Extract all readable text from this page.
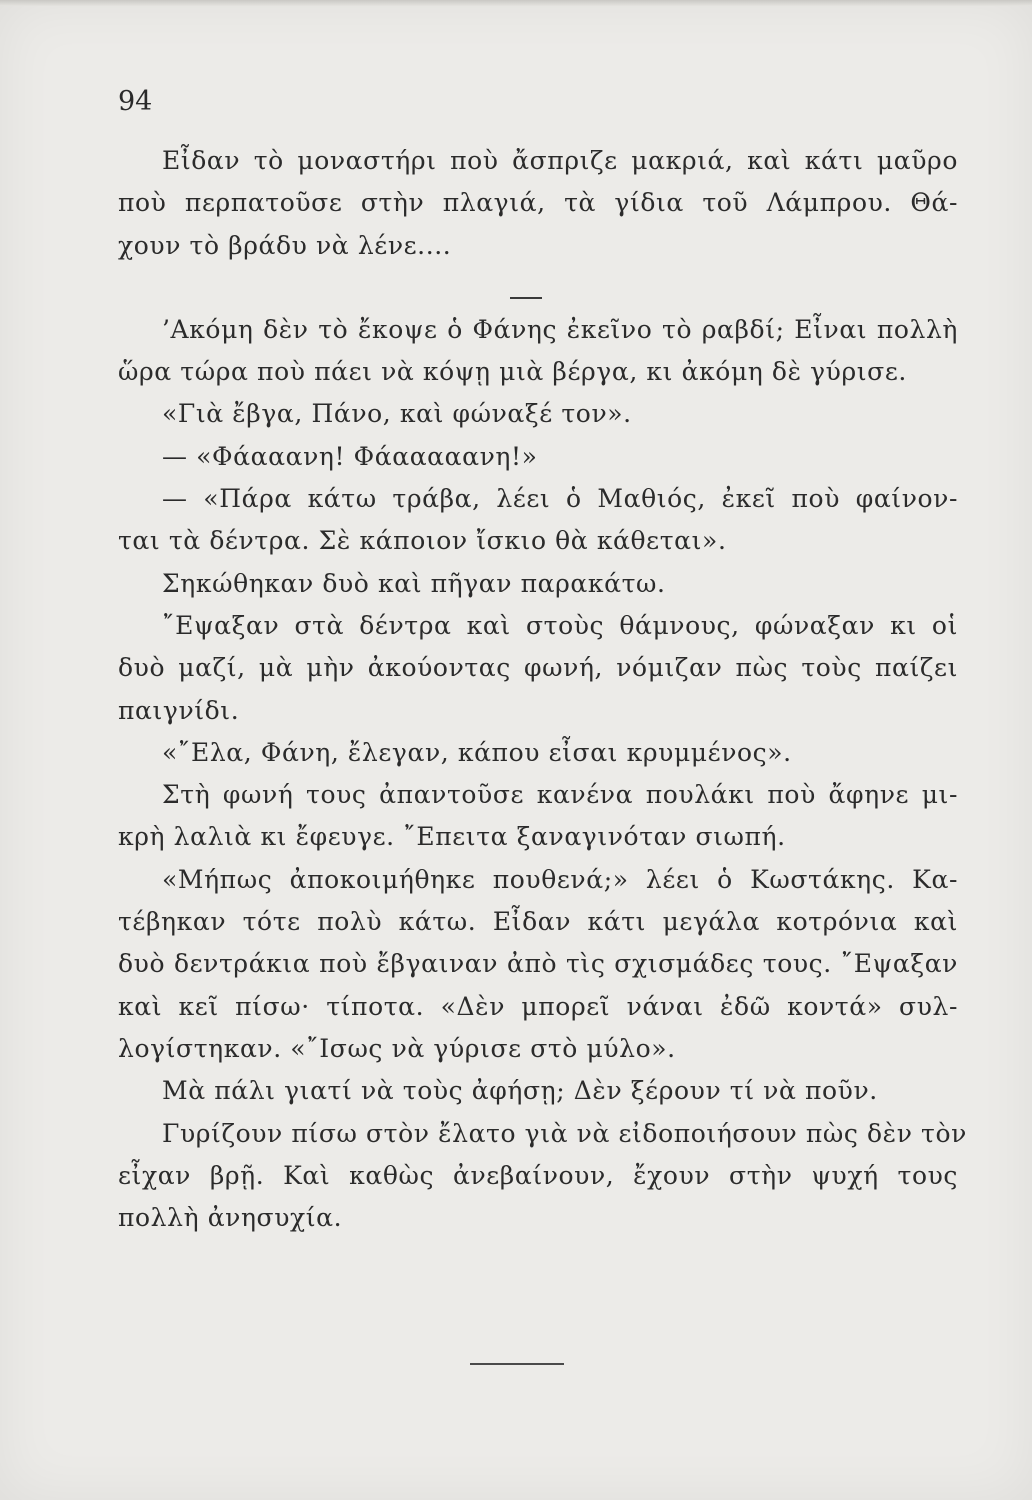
94
Εἶδαν τὸ μοναστήρι ποὺ ἄσπριζε μακριά, καὶ κάτι μαῦρο
ποὺ περπατοῦσε στὴν πλαγιά, τὰ γίδια τοῦ Λάμπρου. Θά-
χουν τὸ βράδυ νὰ λένε....
’Ακόμη δὲν τὸ ἔκοψε ὁ Φάνης ἐκεῖνο τὸ ραβδί; Εἶναι πολλὴ
ὥρα τώρα ποὺ πάει νὰ κόψῃ μιὰ βέργα, κι ἀκόμη δὲ γύρισε.
«Γιὰ ἔβγα, Πάνο, καὶ φώναξέ τον».
— «Φάααανη! Φάααααανη!»
— «Πάρα κάτω τράβα, λέει ὁ Μαθιός, ἐκεῖ ποὺ φαίνον-
ται τὰ δέντρα. Σὲ κάποιον ἴσκιο θὰ κάθεται».
Σηκώθηκαν δυὸ καὶ πῆγαν παρακάτω.
῎Εψαξαν στὰ δέντρα καὶ στοὺς θάμνους, φώναξαν κι οἱ
δυὸ μαζί, μὰ μὴν ἀκούοντας φωνή, νόμιζαν πὼς τοὺς παίζει
παιγνίδι.
«῎Ελα, Φάνη, ἔλεγαν, κάπου εἶσαι κρυμμένος».
Στὴ φωνή τους ἀπαντοῦσε κανένα πουλάκι ποὺ ἄφηνε μι-
κρὴ λαλιὰ κι ἔφευγε. ῎Επειτα ξαναγινόταν σιωπή.
«Μήπως ἀποκοιμήθηκε πουθενά;» λέει ὁ Κωστάκης. Κα-
τέβηκαν τότε πολὺ κάτω. Εἶδαν κάτι μεγάλα κοτρόνια καὶ
δυὸ δεντράκια ποὺ ἔβγαιναν ἀπὸ τὶς σχισμάδες τους. ῎Εψαξαν
καὶ κεῖ πίσω· τίποτα. «Δὲν μπορεῖ νάναι ἐδῶ κοντά» συλ-
λογίστηκαν. «῎Ισως νὰ γύρισε στὸ μύλο».
Μὰ πάλι γιατί νὰ τοὺς ἀφήσῃ; Δὲν ξέρουν τί νὰ ποῦν.
Γυρίζουν πίσω στὸν ἔλατο γιὰ νὰ εἰδοποιήσουν πὼς δὲν τὸν
εἶχαν βρῇ. Καὶ καθὼς ἀνεβαίνουν, ἔχουν στὴν ψυχή τους
πολλὴ ἀνησυχία.
